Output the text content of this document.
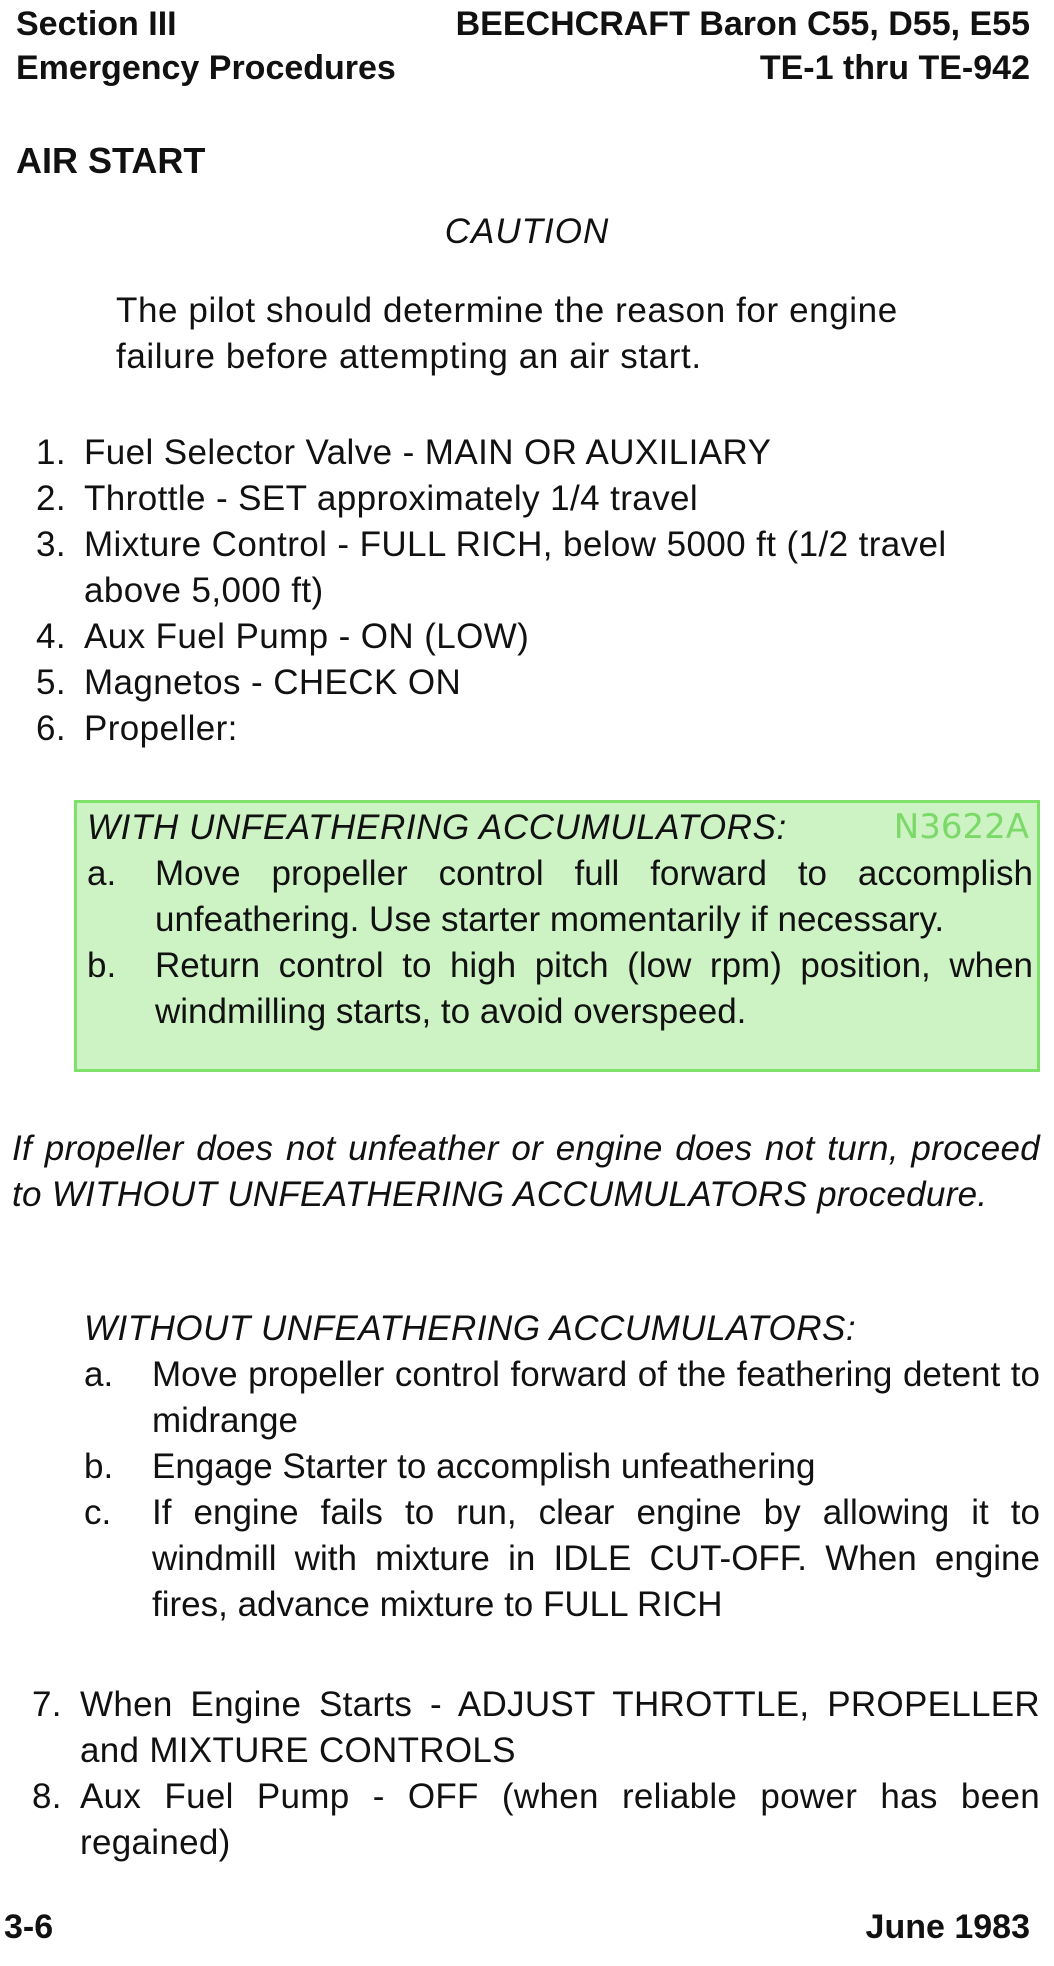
Section III
Emergency Procedures
BEECHCRAFT Baron C55, D55, E55
TE-1 thru TE-942
AIR START
CAUTION
The pilot should determine the reason for engine failure before attempting an air start.
1. Fuel Selector Valve - MAIN OR AUXILIARY
2. Throttle - SET approximately 1/4 travel
3. Mixture Control - FULL RICH, below 5000 ft (1/2 travel above 5,000 ft)
4. Aux Fuel Pump - ON (LOW)
5. Magnetos - CHECK ON
6. Propeller:
WITH UNFEATHERING ACCUMULATORS:	N3622A
a.	Move propeller control full forward to accomplish unfeathering. Use starter momentarily if necessary.
b.	Return control to high pitch (low rpm) position, when windmilling starts, to avoid overspeed.
If propeller does not unfeather or engine does not turn, proceed to WITHOUT UNFEATHERING ACCUMULATORS procedure.
WITHOUT UNFEATHERING ACCUMULATORS:
a.	Move propeller control forward of the feathering detent to midrange
b.	Engage Starter to accomplish unfeathering
c.	If engine fails to run, clear engine by allowing it to windmill with mixture in IDLE CUT-OFF. When engine fires, advance mixture to FULL RICH
7. When Engine Starts - ADJUST THROTTLE, PROPELLER and MIXTURE CONTROLS
8. Aux Fuel Pump - OFF (when reliable power has been regained)
3-6	June 1983
